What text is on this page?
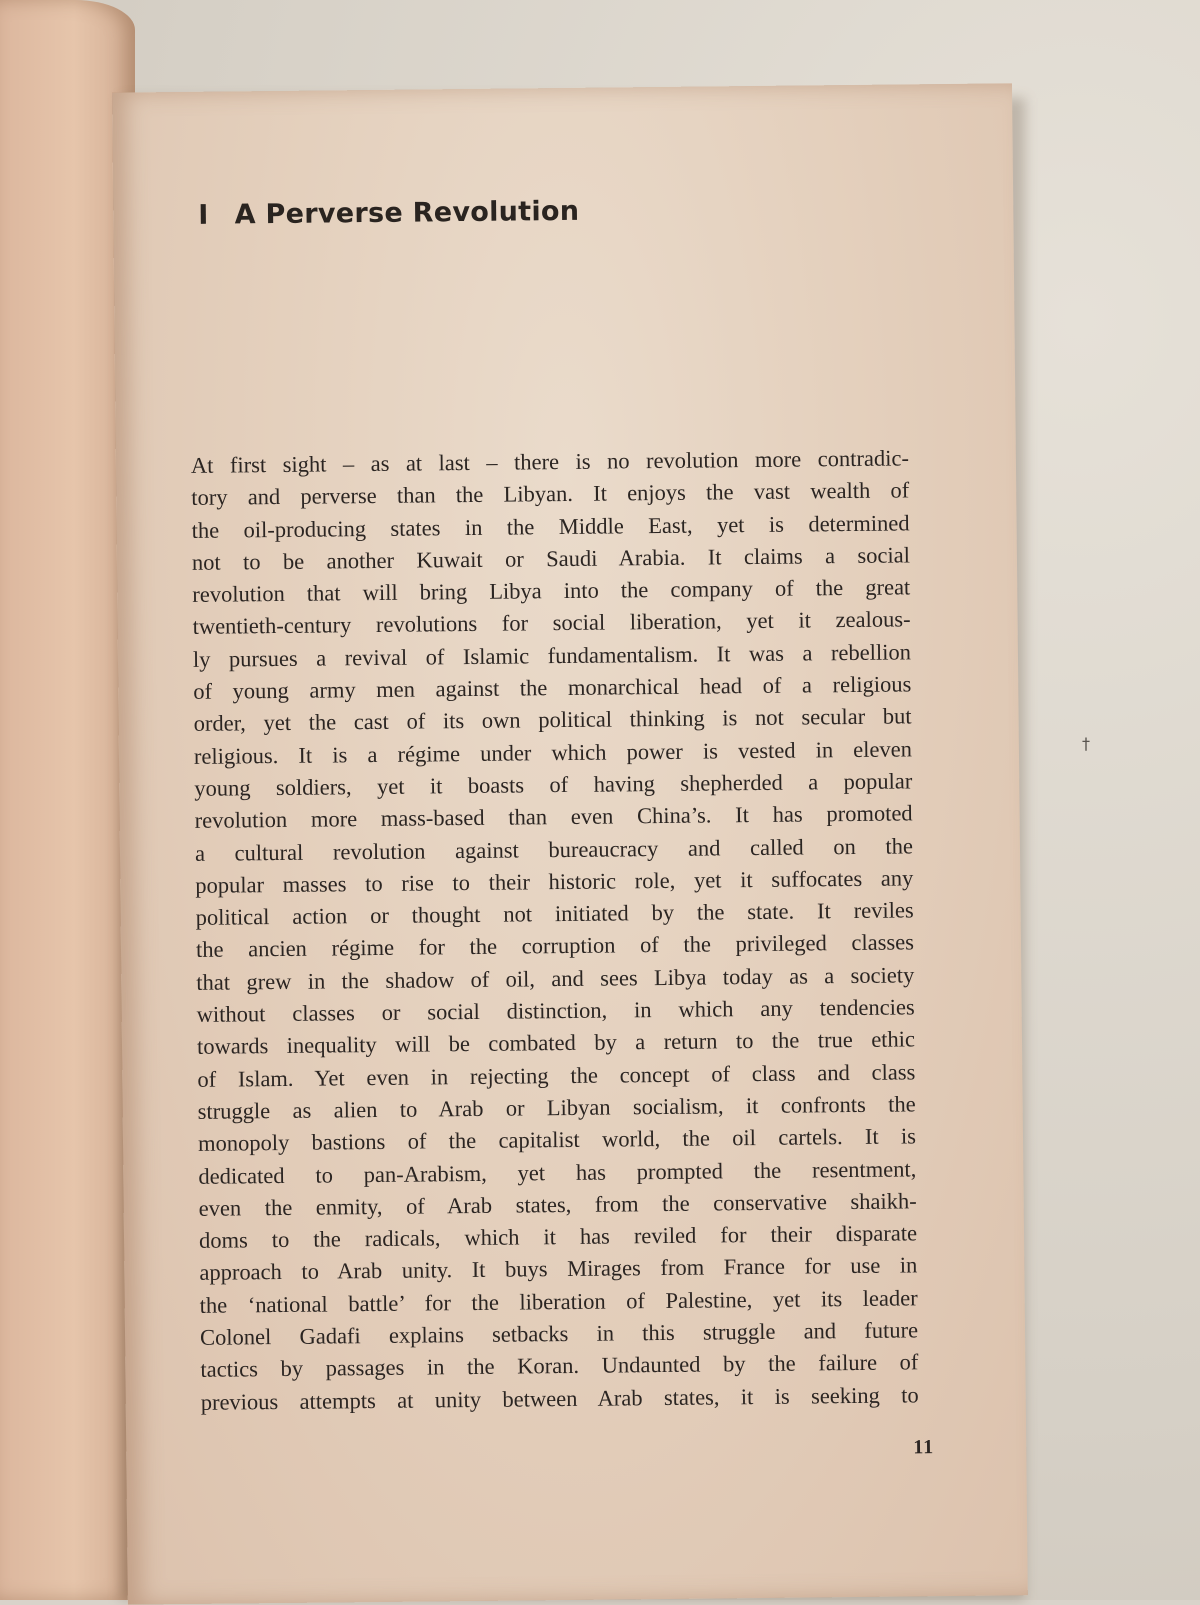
I A Perverse Revolution
At first sight – as at last – there is no revolution more contradic-
tory and perverse than the Libyan. It enjoys the vast wealth of
the oil-producing states in the Middle East, yet is determined
not to be another Kuwait or Saudi Arabia. It claims a social
revolution that will bring Libya into the company of the great
twentieth-century revolutions for social liberation, yet it zealous-
ly pursues a revival of Islamic fundamentalism. It was a rebellion
of young army men against the monarchical head of a religious
order, yet the cast of its own political thinking is not secular but
religious. It is a régime under which power is vested in eleven
young soldiers, yet it boasts of having shepherded a popular
revolution more mass-based than even China’s. It has promoted
a cultural revolution against bureaucracy and called on the
popular masses to rise to their historic role, yet it suffocates any
political action or thought not initiated by the state. It reviles
the ancien régime for the corruption of the privileged classes
that grew in the shadow of oil, and sees Libya today as a society
without classes or social distinction, in which any tendencies
towards inequality will be combated by a return to the true ethic
of Islam. Yet even in rejecting the concept of class and class
struggle as alien to Arab or Libyan socialism, it confronts the
monopoly bastions of the capitalist world, the oil cartels. It is
dedicated to pan-Arabism, yet has prompted the resentment,
even the enmity, of Arab states, from the conservative shaikh-
doms to the radicals, which it has reviled for their disparate
approach to Arab unity. It buys Mirages from France for use in
the ‘national battle’ for the liberation of Palestine, yet its leader
Colonel Gadafi explains setbacks in this struggle and future
tactics by passages in the Koran. Undaunted by the failure of
previous attempts at unity between Arab states, it is seeking to
11
†
